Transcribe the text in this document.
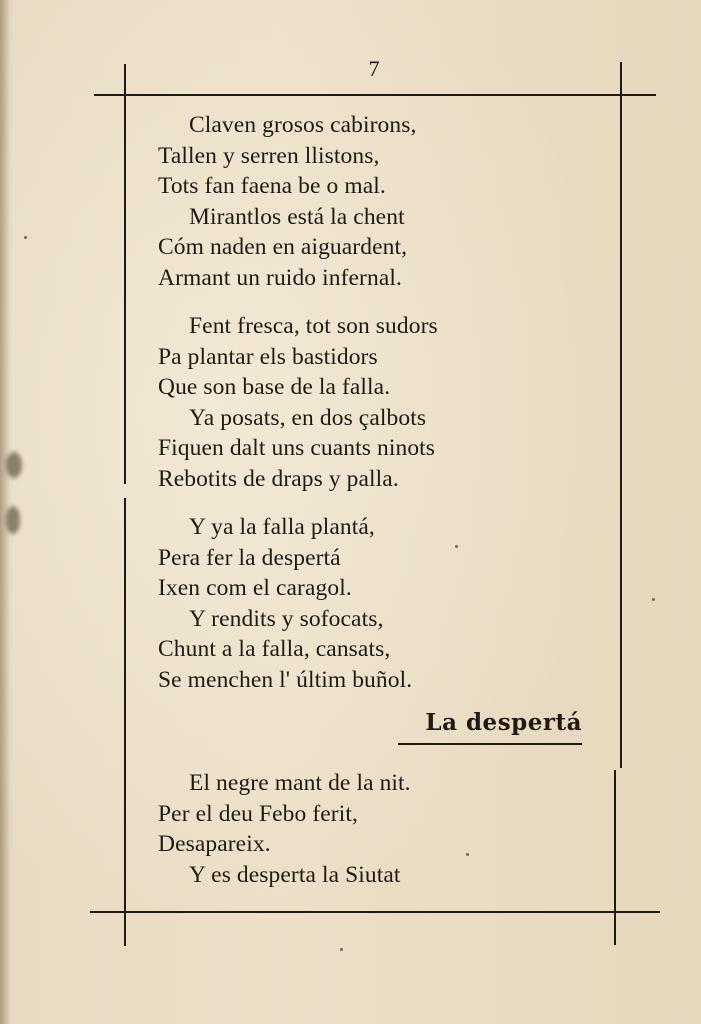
7
Claven grosos cabirons,
Tallen y serren llistons,
Tots fan faena be o mal.
Mirantlos está la chent
Cóm naden en aiguardent,
Armant un ruido infernal.
Fent fresca, tot son sudors
Pa plantar els bastidors
Que son base de la falla.
Ya posats, en dos çalbots
Fiquen dalt uns cuants ninots
Rebotits de draps y palla.
Y ya la falla plantá,
Pera fer la despertá
Ixen com el caragol.
Y rendits y sofocats,
Chunt a la falla, cansats,
Se menchen l' últim buñol.
La despertá
El negre mant de la nit.
Per el deu Febo ferit,
Desapareix.
Y es desperta la Siutat
